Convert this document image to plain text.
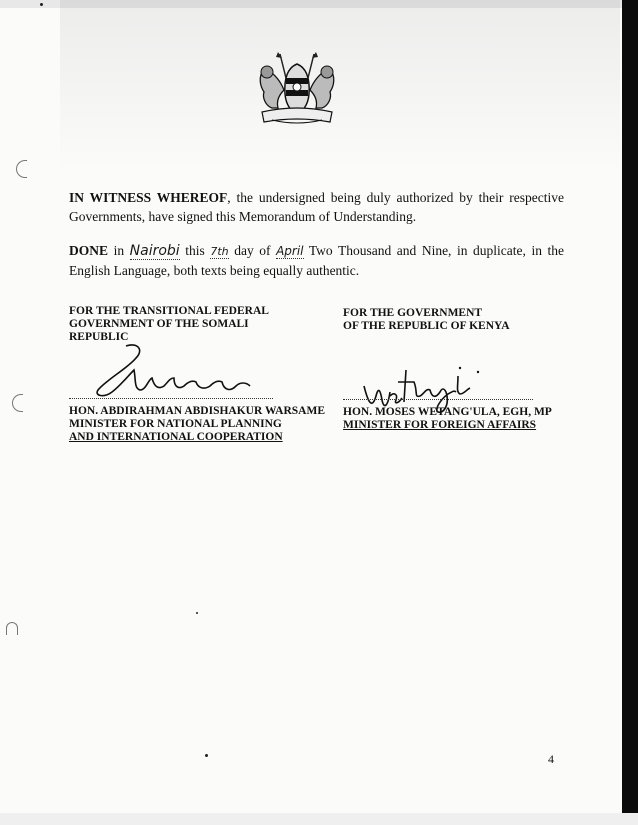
IN WITNESS WHEREOF, the undersigned being duly authorized by their respective Governments, have signed this Memorandum of Understanding.

DONE in Nairobi this 7th day of April Two Thousand and Nine, in duplicate, in the English Language, both texts being equally authentic.

FOR THE TRANSITIONAL FEDERAL
GOVERNMENT OF THE SOMALI
REPUBLIC
HON. ABDIRAHMAN ABDISHAKUR WARSAME
MINISTER FOR NATIONAL PLANNING
AND INTERNATIONAL COOPERATION
FOR THE GOVERNMENT
OF THE REPUBLIC OF KENYA
HON. MOSES WETANG'ULA, EGH, MP
MINISTER FOR FOREIGN AFFAIRS
4
